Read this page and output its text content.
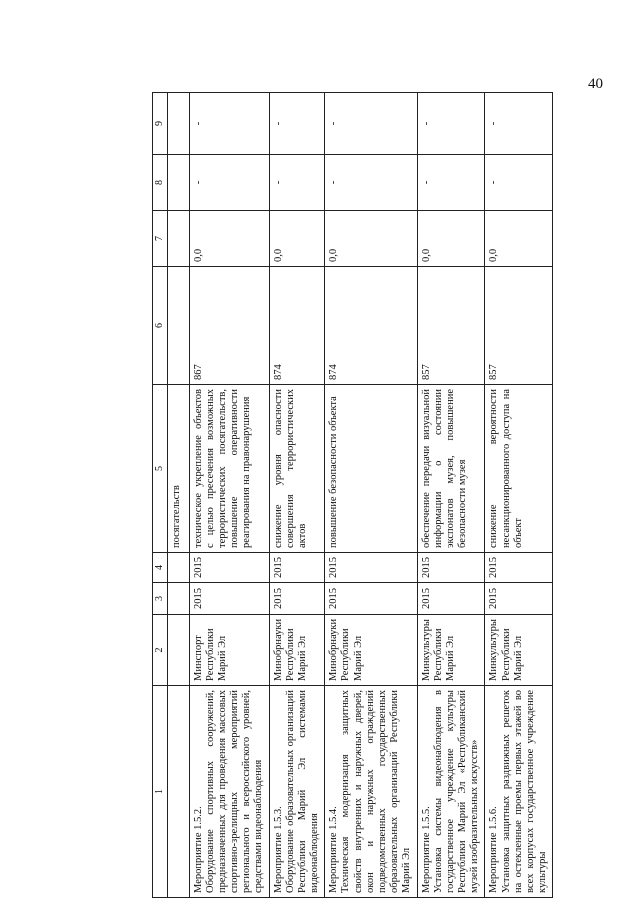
40
1	2	3	4	5	6	7	8	9
				посягательств				

Мероприятие 1.5.2. Оборудование спортивных сооружений, предназначенных для проведения массовых спортивно-зрелищных мероприятий регионального и всероссийского уровней, средствами видеонаблюдения	Минспорт Республики Марий Эл	2015	2015	техническое укрепление объектов с целью пресечения возможных террористических посягательств, повышение оперативности реагирования на правонарушения	867	0,0	-	-

Мероприятие 1.5.3. Оборудование образовательных организаций Республики Марий Эл системами видеонаблюдения	Минобрнауки Республики Марий Эл	2015	2015	снижение уровня опасности совершения террористических актов	874	0,0	-	-

Мероприятие 1.5.4. Техническая модернизация защитных свойств внутренних и наружных дверей, окон и наружных ограждений подведомственных государственных образовательных организаций Республики Марий Эл	Минобрнауки Республики Марий Эл	2015	2015	повышение безопасности объекта	874	0,0	-	-

Мероприятие 1.5.5. Установка системы видеонаблюдения в государственное учреждение культуры Республики Марий Эл «Республиканский музей изобразительных искусств»	Минкультуры Республики Марий Эл	2015	2015	обеспечение передачи визуальной информации о состоянии экспонатов музея, повышение безопасности музея	857	0,0	-	-

Мероприятие 1.5.6. Установка защитных раздвижных решеток на остекленные проемы первых этажей во всех корпусах государственное учреждение культуры	Минкультуры Республики Марий Эл	2015	2015	снижение вероятности несанкционированного доступа на объект	857	0,0	-	-
